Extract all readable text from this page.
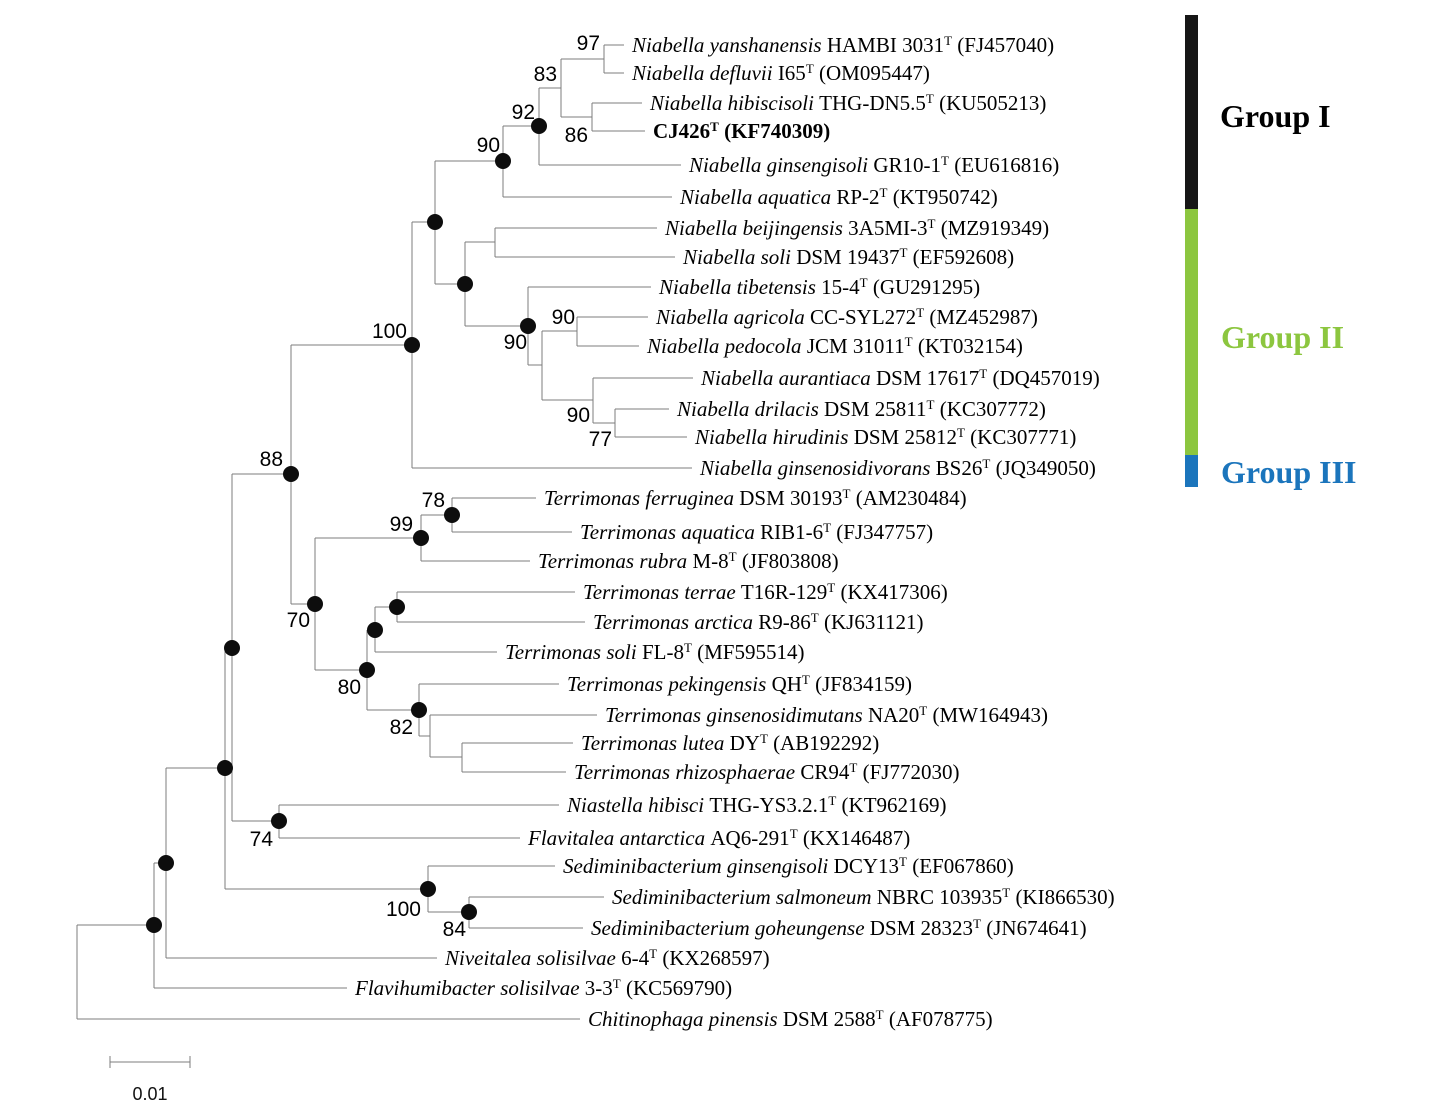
97
83
92
86
90
100
90
90
90
77
88
78
99
70
80
82
74
100
84
Niabella yanshanensis HAMBI $3031^T$ (FJ457040)
Niabella defluvii $I65^T$ (OM095447)
Niabella hibiscisoli THG-$DN5.5^T$ (KU505213)
$CJ426^T$ (KF740309)
Niabella ginsengisoli $GR10-1^T$ (EU616816)
Niabella aquatica $RP-2^T$ (KT950742)
Niabella beijingensis $3A5MI-3^T$ (MZ919349)
Niabella soli DSM $19437^T$ (EF592608)
Niabella tibetensis $15-4^T$ (GU291295)
Niabella agricola $CC-SYL272^T$ (MZ452987)
Niabella pedocola JCM $31011^T$ (KT032154)
Niabella aurantiaca DSM $17617^T$ (DQ457019)
Niabella drilacis DSM $25811^T$ (KC307772)
Niabella hirudinis DSM $25812^T$ (KC307771)
Niabella ginsenosidivorans $BS26^T$ (JQ349050)
Terrimonas ferruginea DSM $30193^T$ (AM230484)
Terrimonas aquatica $RIB1-6^T$ (FJ347757)
Terrimonas rubra $M-8^T$ (JF803808)
Terrimonas terrae $T16R-129^T$ (KX417306)
Terrimonas arctica $R9-86^T$ (KJ631121)
Terrimonas soli $FL-8^T$ (MF595514)
Terrimonas pekingensis $QH^T$ (JF834159)
Terrimonas ginsenosidimutans $NA20^T$ (MW164943)
Terrimonas lutea $DY^T$ (AB192292)
Terrimonas rhizosphaerae $CR94^T$ (FJ772030)
Niastella hibisci THG-$YS3.2.1^T$ (KT962169)
Flavitalea antarctica $AQ6-291^T$ (KX146487)
Sediminibacterium ginsengisoli $DCY13^T$ (EF067860)
Sediminibacterium salmoneum NBRC $103935^T$ (KI866530)
Sediminibacterium goheungense DSM $28323^T$ (JN674641)
Niveitalea solisilvae $6-4^T$ (KX268597)
Flavihumibacter solisilvae $3-3^T$ (KC569790)
Chitinophaga pinensis DSM $2588^T$ (AF078775)
Group I
Group II
Group III
0.01
